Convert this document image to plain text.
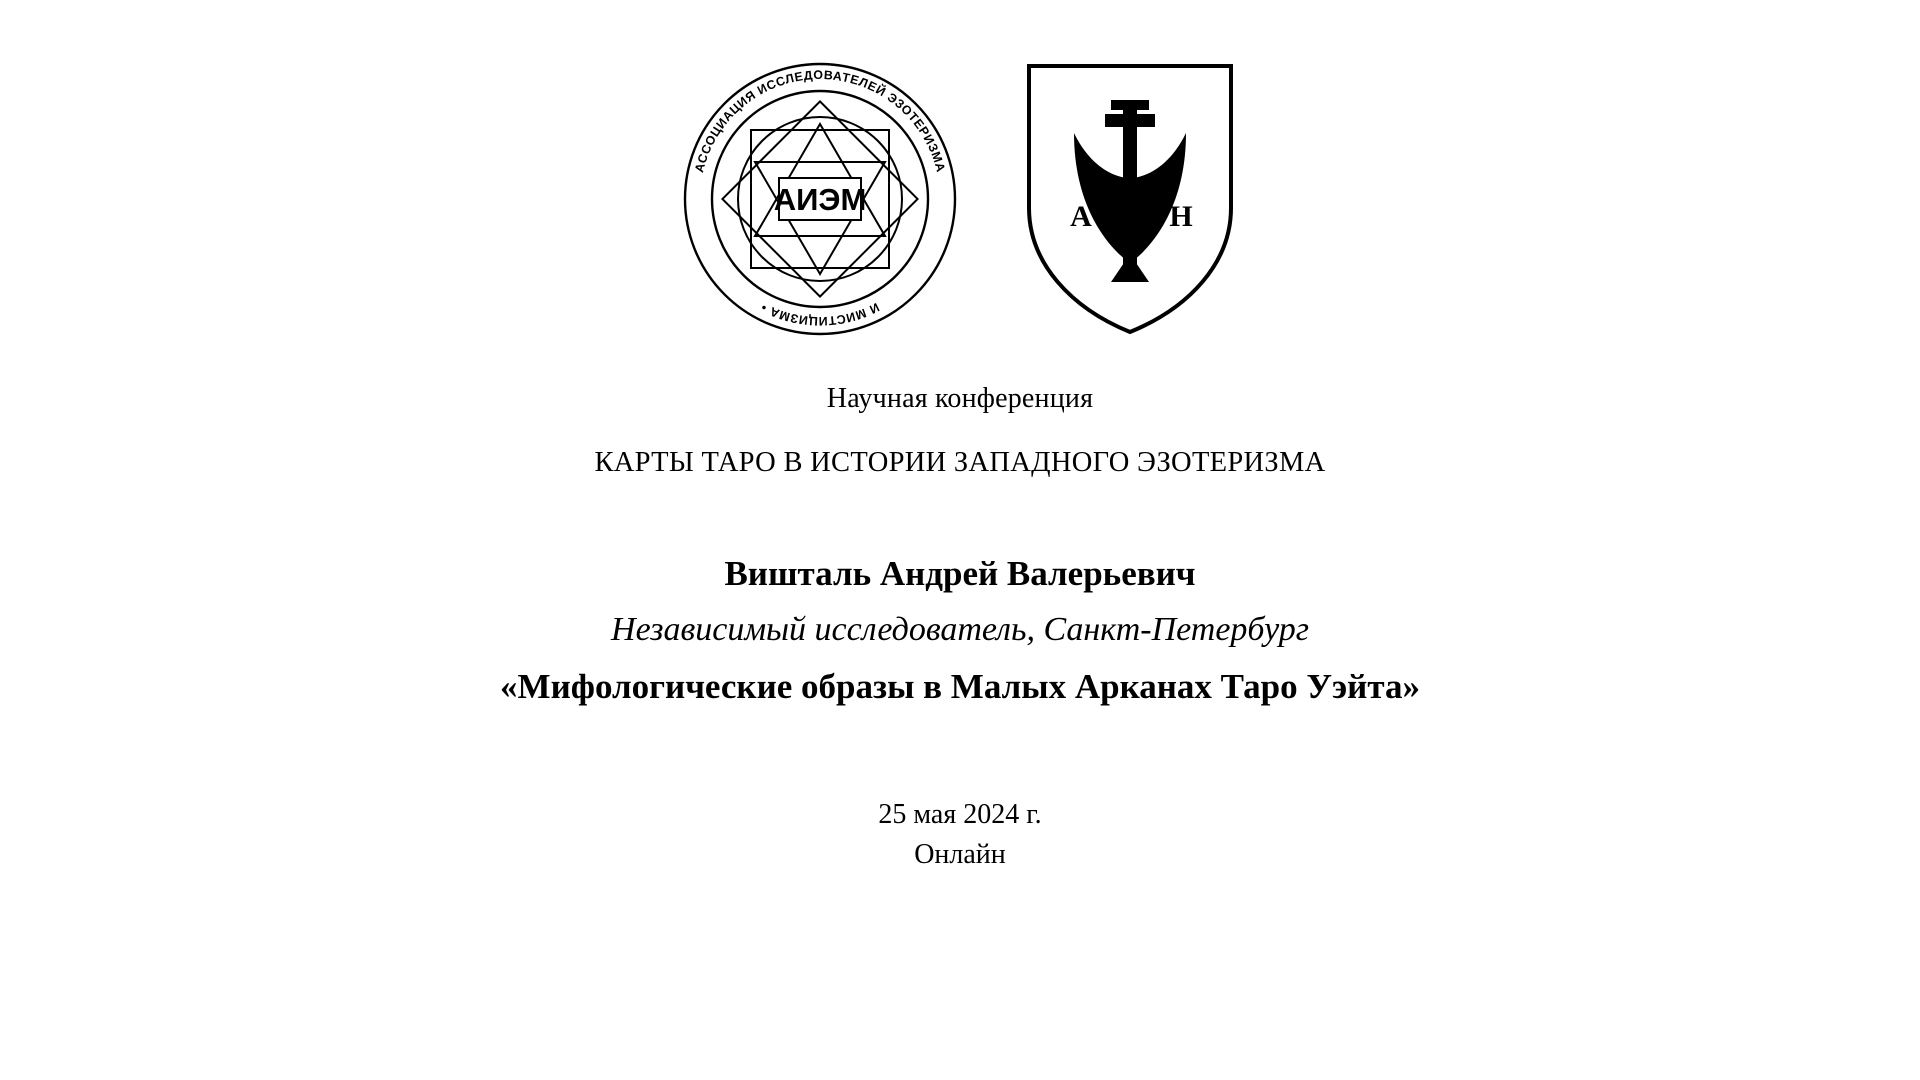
АССОЦИАЦИЯ ИССЛЕДОВАТЕЛЕЙ ЭЗОТЕРИЗМА
И МИСТИЦИЗМА •
АИЭМ	А	Н
Научная конференция
КАРТЫ ТАРО В ИСТОРИИ ЗАПАДНОГО ЭЗОТЕРИЗМА
Вишталь Андрей Валерьевич
Независимый исследователь, Санкт-Петербург
«Мифологические образы в Малых Арканах Таро Уэйта»
25 мая 2024 г.
Онлайн
